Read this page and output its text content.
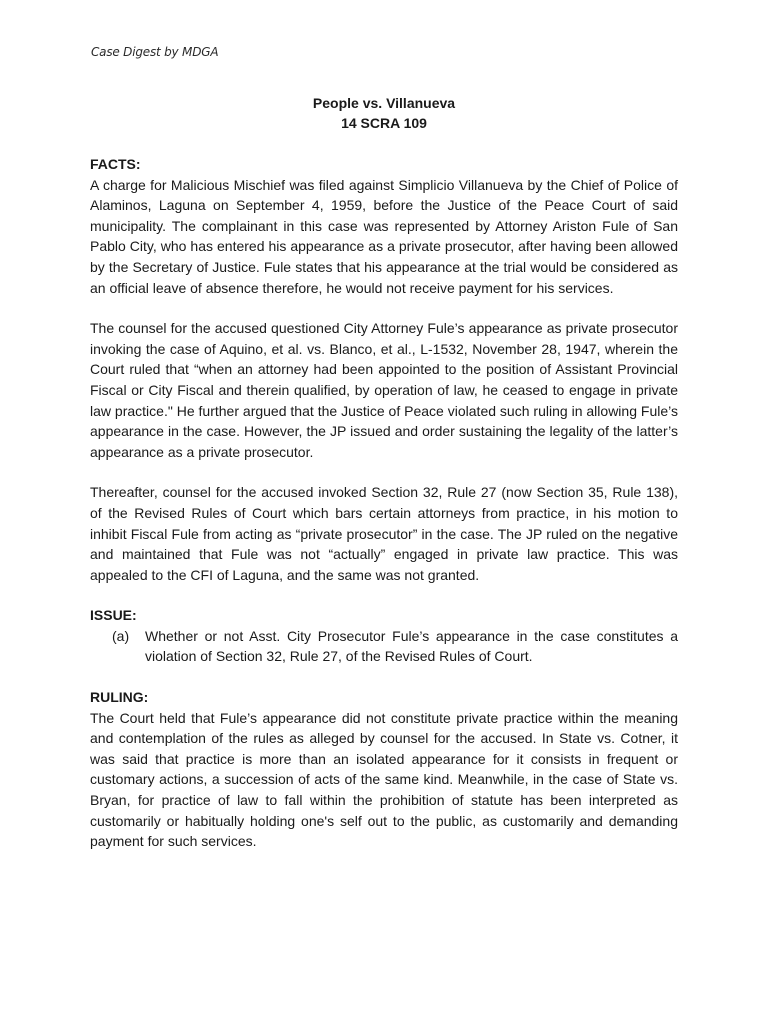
Case Digest by MDGA
People vs. Villanueva
14 SCRA 109

FACTS:

A charge for Malicious Mischief was filed against Simplicio Villanueva by the Chief of Police of Alaminos, Laguna on September 4, 1959, before the Justice of the Peace Court of said municipality. The complainant in this case was represented by Attorney Ariston Fule of San Pablo City, who has entered his appearance as a private prosecutor, after having been allowed by the Secretary of Justice. Fule states that his appearance at the trial would be considered as an official leave of absence therefore, he would not receive payment for his services.

The counsel for the accused questioned City Attorney Fule’s appearance as private prosecutor invoking the case of Aquino, et al. vs. Blanco, et al., L-1532, November 28, 1947, wherein the Court ruled that “when an attorney had been appointed to the position of Assistant Provincial Fiscal or City Fiscal and therein qualified, by operation of law, he ceased to engage in private law practice." He further argued that the Justice of Peace violated such ruling in allowing Fule’s appearance in the case. However, the JP issued and order sustaining the legality of the latter’s appearance as a private prosecutor.

Thereafter, counsel for the accused invoked Section 32, Rule 27 (now Section 35, Rule 138), of the Revised Rules of Court which bars certain attorneys from practice, in his motion to inhibit Fiscal Fule from acting as “private prosecutor” in the case. The JP ruled on the negative and maintained that Fule was not “actually” engaged in private law practice. This was appealed to the CFI of Laguna, and the same was not granted.

ISSUE:

(a)	Whether or not Asst. City Prosecutor Fule’s appearance in the case constitutes a violation of Section 32, Rule 27, of the Revised Rules of Court.

RULING:

The Court held that Fule’s appearance did not constitute private practice within the meaning and contemplation of the rules as alleged by counsel for the accused. In State vs. Cotner, it was said that practice is more than an isolated appearance for it consists in frequent or customary actions, a succession of acts of the same kind. Meanwhile, in the case of State vs. Bryan, for practice of law to fall within the prohibition of statute has been interpreted as customarily or habitually holding one's self out to the public, as customarily and demanding payment for such services.
